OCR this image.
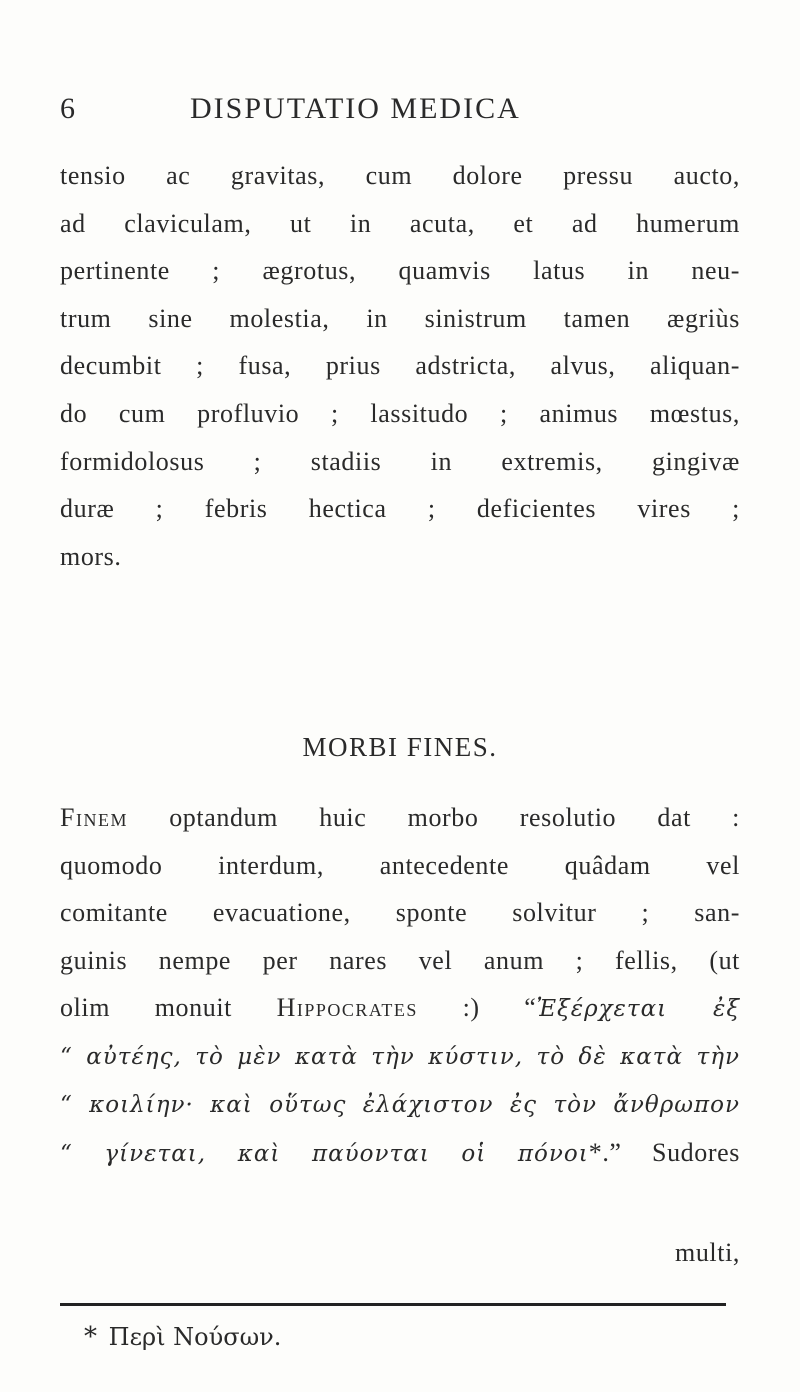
6	DISPUTATIO MEDICA
tensio ac gravitas, cum dolore pressu aucto,
ad claviculam, ut in acuta, et ad humerum
pertinente ; ægrotus, quamvis latus in neu-
trum sine molestia, in sinistrum tamen ægriùs
decumbit ; fusa, prius adstricta, alvus, aliquan-
do cum profluvio ; lassitudo ; animus mœstus,
formidolosus ; stadiis in extremis, gingivæ
duræ ; febris hectica ; deficientes vires ;
mors.
MORBI FINES.
Finem optandum huic morbo resolutio dat :
quomodo interdum, antecedente quâdam vel
comitante evacuatione, sponte solvitur ; san-
guinis nempe per nares vel anum ; fellis, (ut
olim monuit Hippocrates :) “Ἐξέρχεται ἐξ
“ αὐτέης, τὸ μὲν κατὰ τὴν κύστιν, τὸ δὲ κατὰ τὴν
“ κοιλίην· καὶ οὕτως ἐλάχιστον ἐς τὸν ἄνθρωπον
“ γίνεται, καὶ παύονται οἱ πόνοι*.” Sudores
multi,
* Περὶ Νούσων.
